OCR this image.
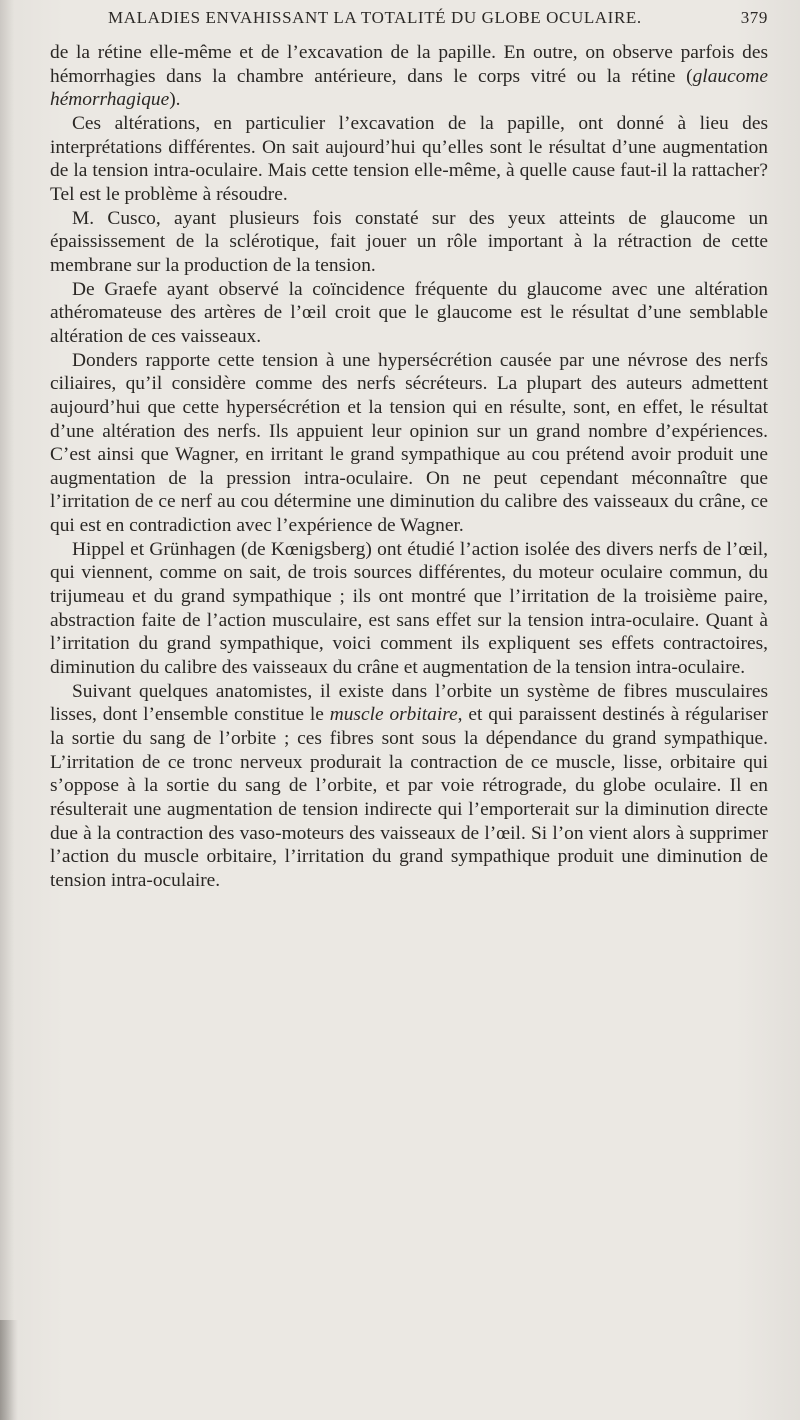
MALADIES ENVAHISSANT LA TOTALITÉ DU GLOBE OCULAIRE.	379

de la rétine elle-même et de l’excavation de la papille. En outre, on observe parfois des hémorrhagies dans la chambre antérieure, dans le corps vitré ou la rétine (glaucome hémorrhagique).

Ces altérations, en particulier l’excavation de la papille, ont donné à lieu des interprétations différentes. On sait aujourd’hui qu’elles sont le résultat d’une augmentation de la tension intra-oculaire. Mais cette tension elle-même, à quelle cause faut-il la rattacher? Tel est le problème à résoudre.

M. Cusco, ayant plusieurs fois constaté sur des yeux atteints de glaucome un épaississement de la sclérotique, fait jouer un rôle important à la rétraction de cette membrane sur la production de la tension.

De Graefe ayant observé la coïncidence fréquente du glaucome avec une altération athéromateuse des artères de l’œil croit que le glaucome est le résultat d’une semblable altération de ces vaisseaux.

Donders rapporte cette tension à une hypersécrétion causée par une névrose des nerfs ciliaires, qu’il considère comme des nerfs sécréteurs. La plupart des auteurs admettent aujourd’hui que cette hypersécrétion et la tension qui en résulte, sont, en effet, le résultat d’une altération des nerfs. Ils appuient leur opinion sur un grand nombre d’expériences. C’est ainsi que Wagner, en irritant le grand sympathique au cou prétend avoir produit une augmentation de la pression intra-oculaire. On ne peut cependant méconnaître que l’irritation de ce nerf au cou détermine une diminution du calibre des vaisseaux du crâne, ce qui est en contradiction avec l’expérience de Wagner.

Hippel et Grünhagen (de Kœnigsberg) ont étudié l’action isolée des divers nerfs de l’œil, qui viennent, comme on sait, de trois sources différentes, du moteur oculaire commun, du trijumeau et du grand sympathique ; ils ont montré que l’irritation de la troisième paire, abstraction faite de l’action musculaire, est sans effet sur la tension intra-oculaire. Quant à l’irritation du grand sympathique, voici comment ils expliquent ses effets contractoires, diminution du calibre des vaisseaux du crâne et augmentation de la tension intra-oculaire.

Suivant quelques anatomistes, il existe dans l’orbite un système de fibres musculaires lisses, dont l’ensemble constitue le muscle orbitaire, et qui paraissent destinés à régulariser la sortie du sang de l’orbite ; ces fibres sont sous la dépendance du grand sympathique. L’irritation de ce tronc nerveux produrait la contraction de ce muscle, lisse, orbitaire qui s’oppose à la sortie du sang de l’orbite, et par voie rétrograde, du globe oculaire. Il en résulterait une augmentation de tension indirecte qui l’emporterait sur la diminution directe due à la contraction des vaso-moteurs des vaisseaux de l’œil. Si l’on vient alors à supprimer l’action du muscle orbitaire, l’irritation du grand sympathique produit une diminution de tension intra-oculaire.
